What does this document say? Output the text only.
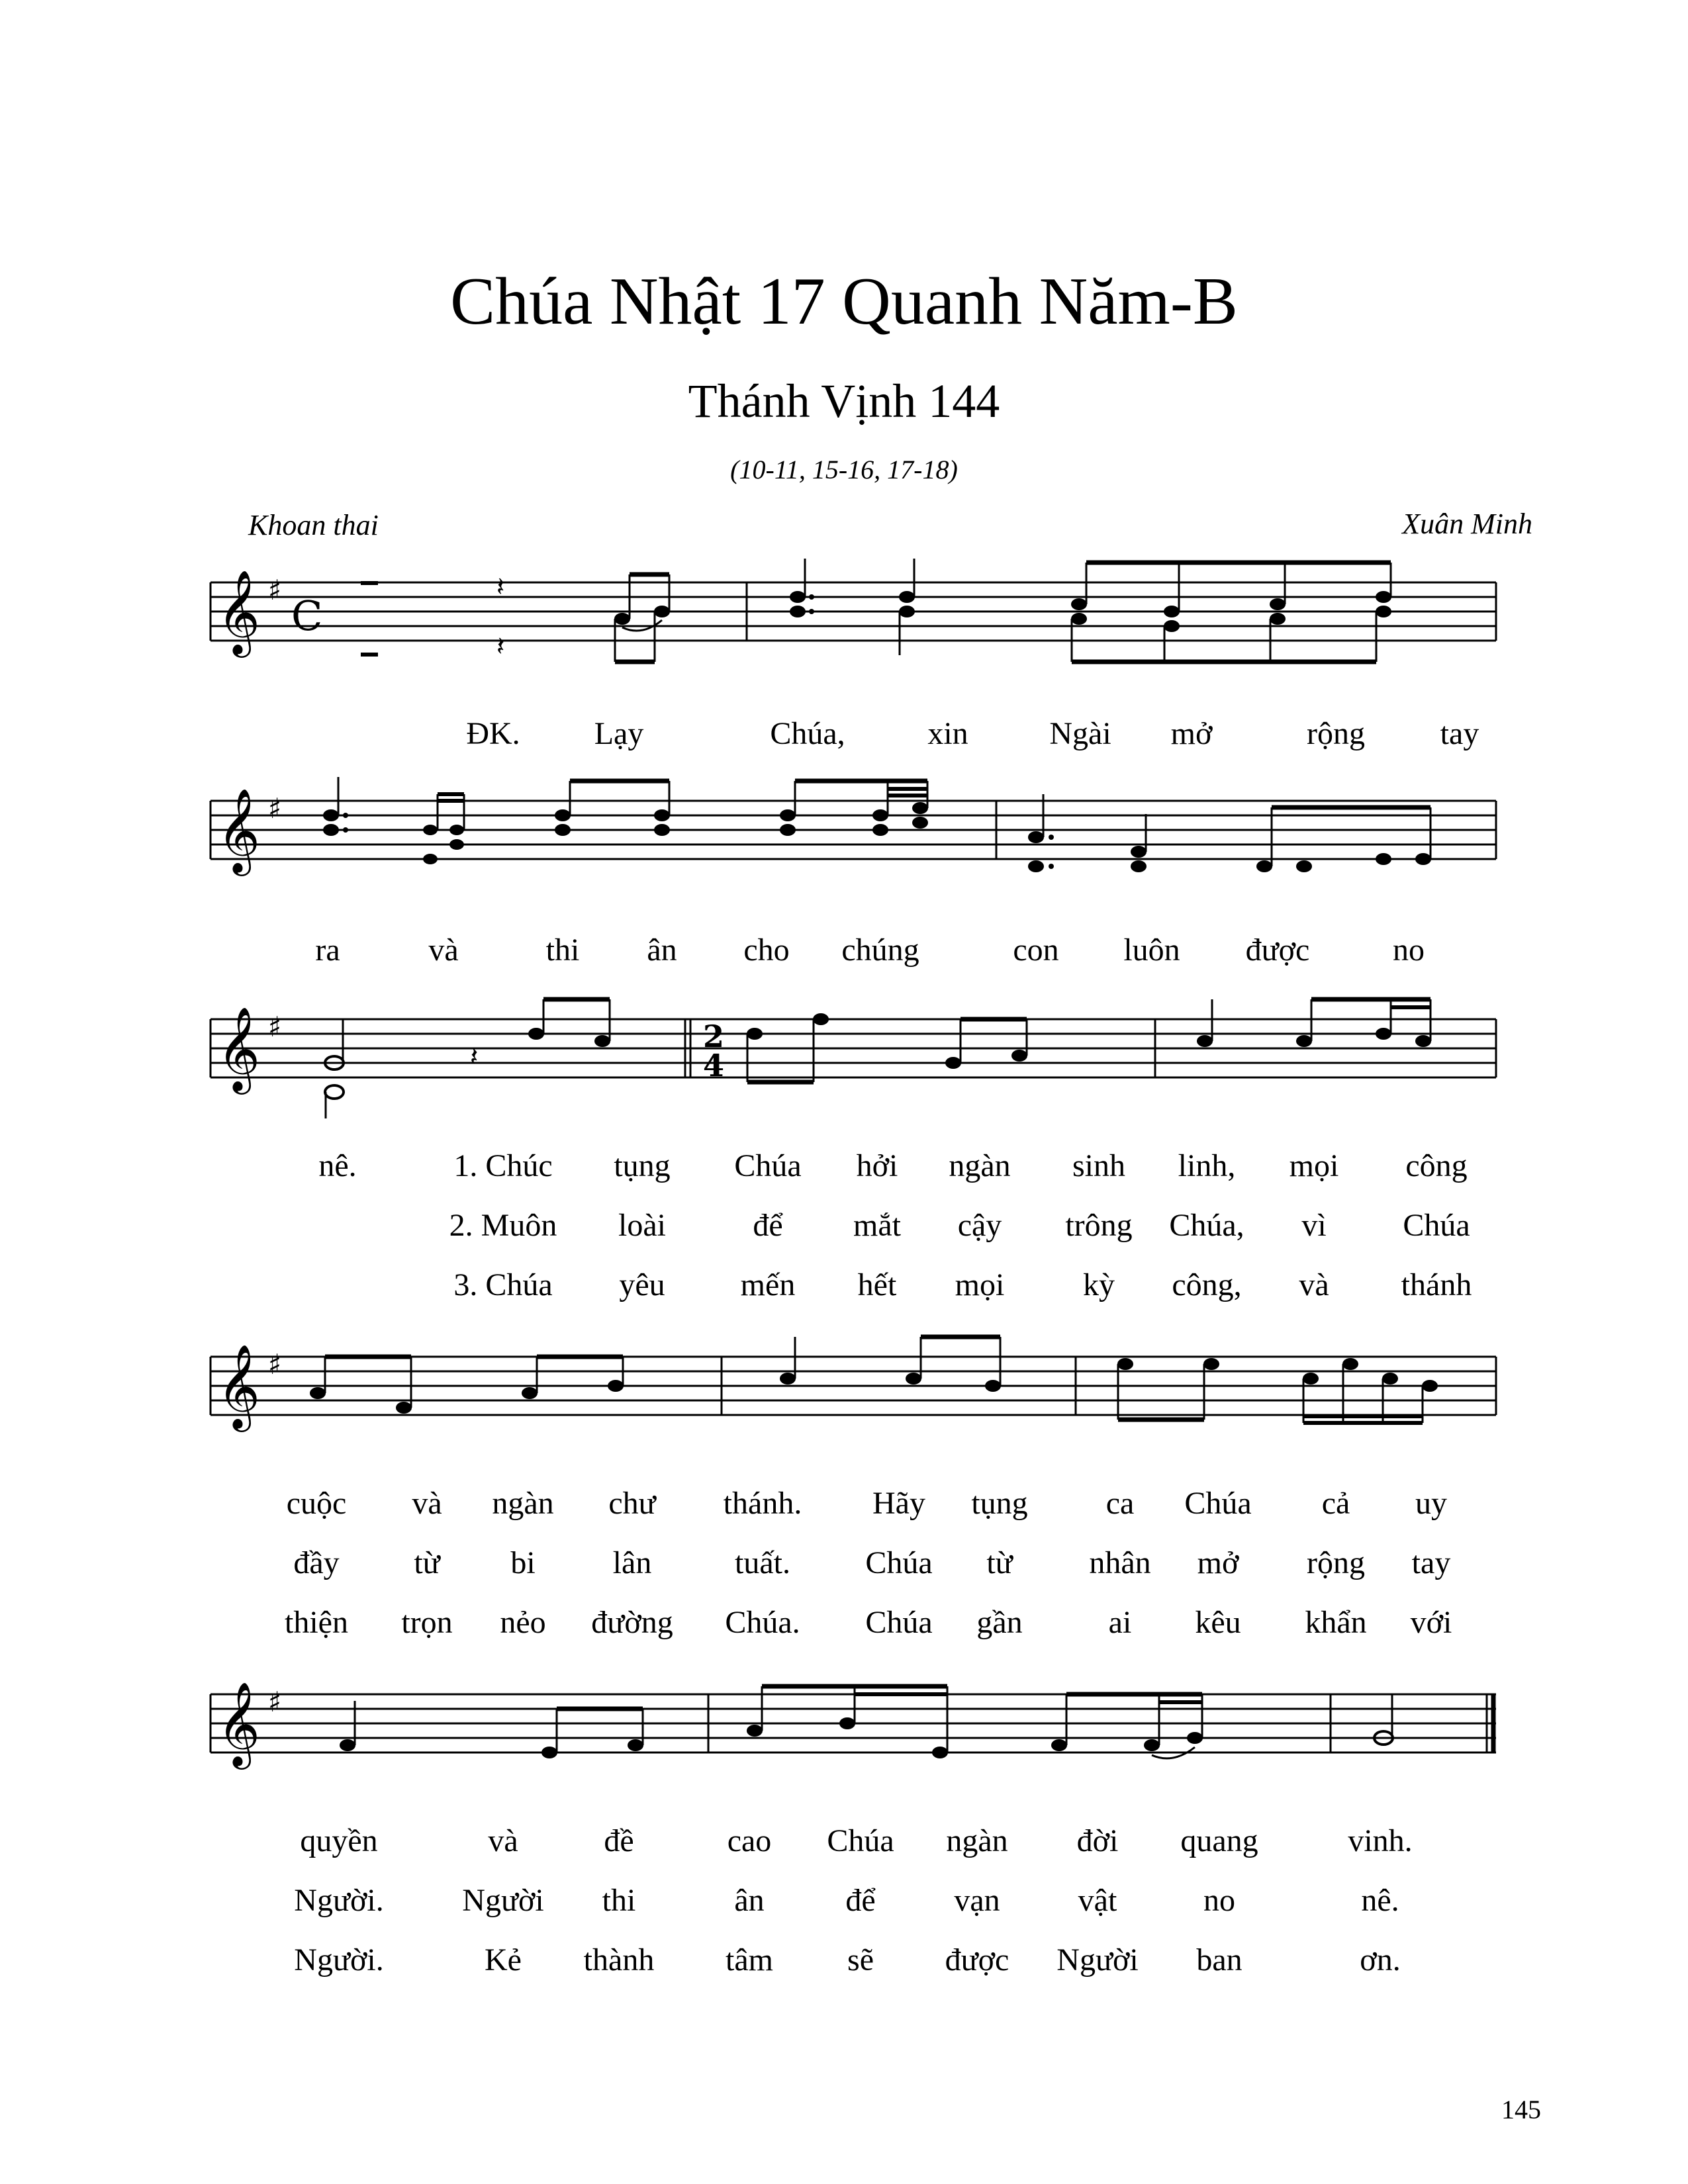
Chúa Nhật 17 Quanh Năm-B
Thánh Vịnh 144
(10-11, 15-16, 17-18)
Khoan thai	Xuân Minh
𝄞 ♯
C
𝄽
𝄽
ĐK. Lạy	Chúa,	xin	Ngài mở	rộng tay
𝄞 ♯
ra	và	thi ân cho chúng	con luôn được	no
𝄞 ♯	2
4
𝄽
nê.	1. Chúc tụng Chúa hởi ngàn sinh linh, mọi công
2. Muôn loài	để mắt cậy trông Chúa, vì Chúa
3. Chúa yêu mến hết mọi kỳ công, và thánh
𝄞 ♯
cuộc và ngàn chư thánh. Hãy tụng ca Chúa cả uy
đầy từ bi lân	tuất. Chúa từ nhân mở rộng tay
thiện trọn nẻo đường Chúa. Chúa gần	ai kêu khẩn với
𝄞 ♯
quyền	và	đề	cao Chúa ngàn đời quang	vinh.
Người. Người thi	ân	để vạn vật	no	nê.
Người.	Kẻ thành tâm sẽ được Người ban	ơn.
145
